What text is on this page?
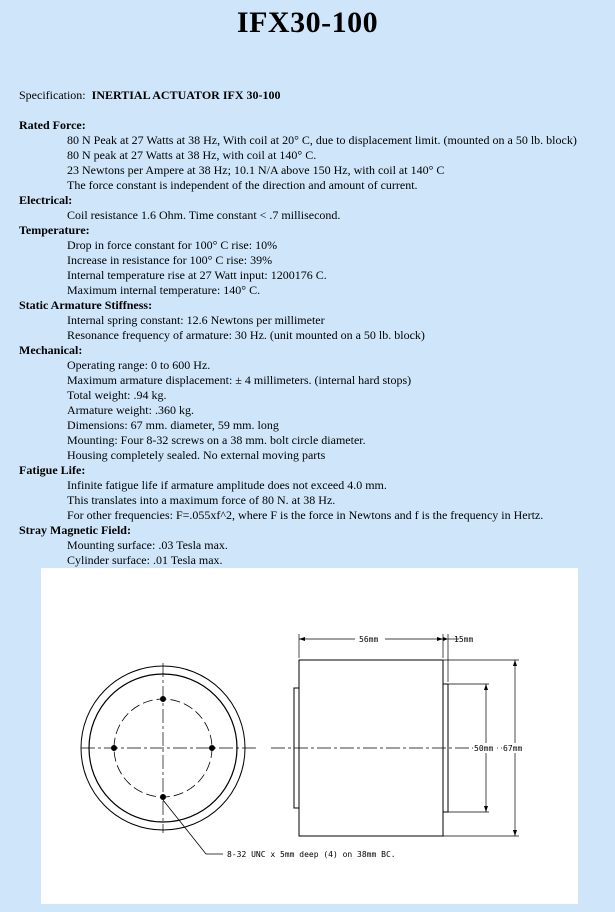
IFX30-100
Specification: INERTIAL ACTUATOR IFX 30-100
Rated Force:
80 N Peak at 27 Watts at 38 Hz, With coil at 20° C, due to displacement limit. (mounted on a 50 lb. block)
80 N peak at 27 Watts at 38 Hz, with coil at 140° C.
23 Newtons per Ampere at 38 Hz; 10.1 N/A above 150 Hz, with coil at 140° C
The force constant is independent of the direction and amount of current.
Electrical:
Coil resistance 1.6 Ohm. Time constant < .7 millisecond.
Temperature:
Drop in force constant for 100° C rise: 10%
Increase in resistance for 100° C rise: 39%
Internal temperature rise at 27 Watt input: 1200176 C.
Maximum internal temperature: 140° C.
Static Armature Stiffness:
Internal spring constant: 12.6 Newtons per millimeter
Resonance frequency of armature: 30 Hz. (unit mounted on a 50 lb. block)
Mechanical:
Operating range: 0 to 600 Hz.
Maximum armature displacement: ± 4 millimeters. (internal hard stops)
Total weight: .94 kg.
Armature weight: .360 kg.
Dimensions: 67 mm. diameter, 59 mm. long
Mounting: Four 8-32 screws on a 38 mm. bolt circle diameter.
Housing completely sealed. No external moving parts
Fatigue Life:
Infinite fatigue life if armature amplitude does not exceed 4.0 mm.
This translates into a maximum force of 80 N. at 38 Hz.
For other frequencies: F=.055xf^2, where F is the force in Newtons and f is the frequency in Hertz.
Stray Magnetic Field:
Mounting surface: .03 Tesla max.
Cylinder surface: .01 Tesla max.
56mm	15mm
50mm 67mm
8-32 UNC x 5mm deep (4) on 38mm BC.
